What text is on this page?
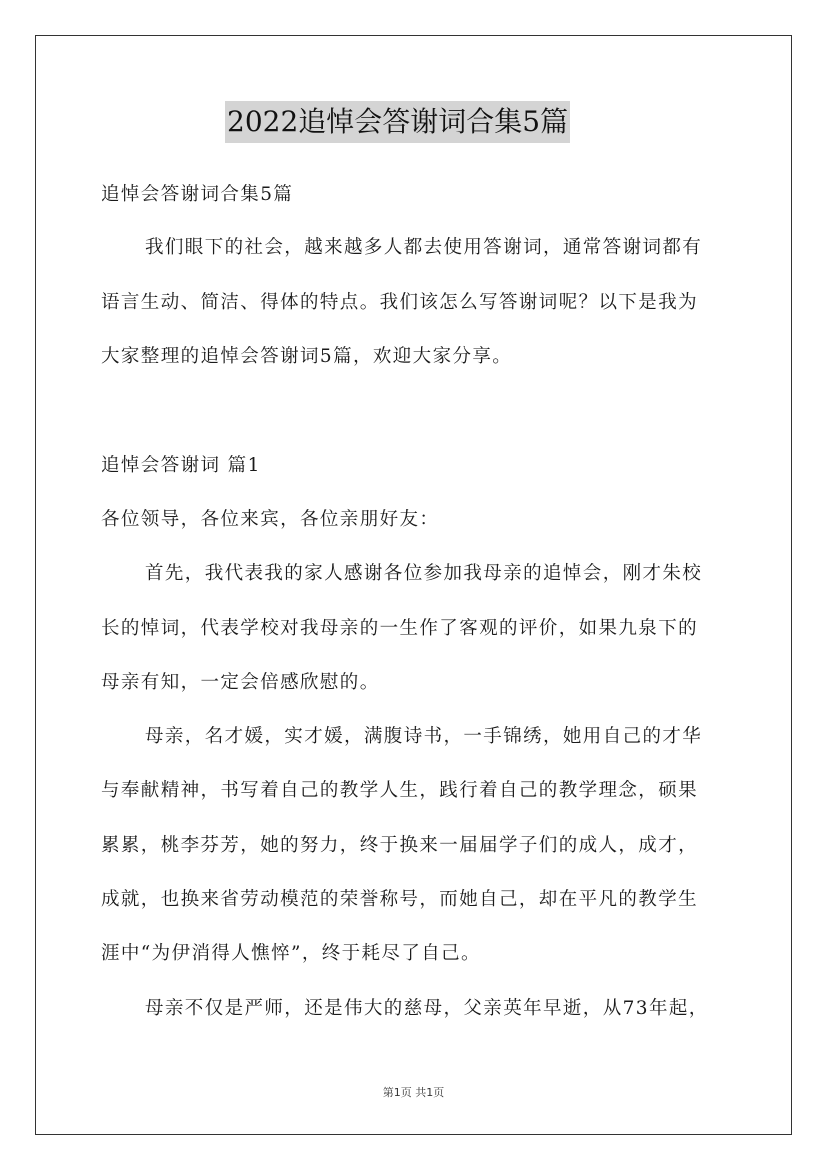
2022追悼会答谢词合集5篇
追悼会答谢词合集5篇
我们眼下的社会，越来越多人都去使用答谢词，通常答谢词都有
语言生动、简洁、得体的特点。我们该怎么写答谢词呢？以下是我为
大家整理的追悼会答谢词5篇，欢迎大家分享。
追悼会答谢词 篇1
各位领导，各位来宾，各位亲朋好友：
首先，我代表我的家人感谢各位参加我母亲的追悼会，刚才朱校
长的悼词，代表学校对我母亲的一生作了客观的评价，如果九泉下的
母亲有知，一定会倍感欣慰的。
母亲，名才媛，实才媛，满腹诗书，一手锦绣，她用自己的才华
与奉献精神，书写着自己的教学人生，践行着自己的教学理念，硕果
累累，桃李芬芳，她的努力，终于换来一届届学子们的成人，成才，
成就，也换来省劳动模范的荣誉称号，而她自己，却在平凡的教学生
涯中“为伊消得人憔悴”，终于耗尽了自己。
母亲不仅是严师，还是伟大的慈母，父亲英年早逝，从73年起，
第1页 共1页
